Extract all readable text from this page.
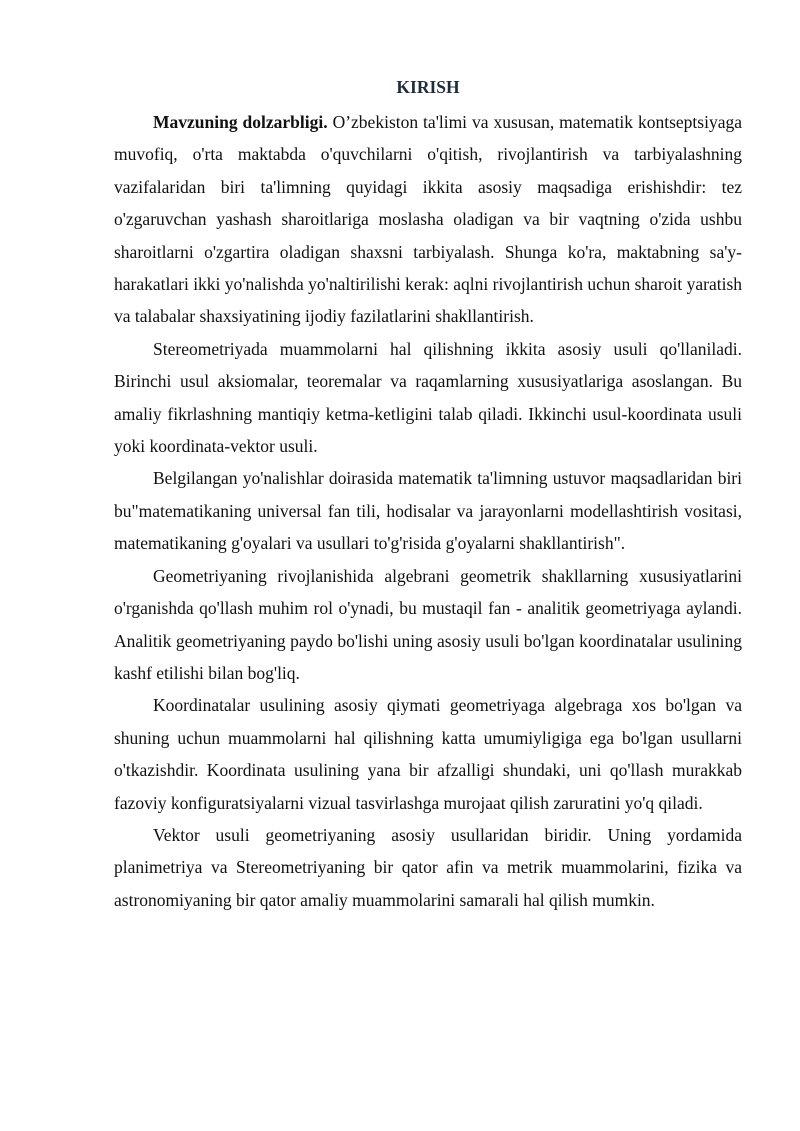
KIRISH

Mavzuning dolzarbligi. O’zbekiston ta'limi va xususan, matematik kontseptsiyaga muvofiq, o'rta maktabda o'quvchilarni o'qitish, rivojlantirish va tarbiyalashning vazifalaridan biri ta'limning quyidagi ikkita asosiy maqsadiga erishishdir: tez o'zgaruvchan yashash sharoitlariga moslasha oladigan va bir vaqtning o'zida ushbu sharoitlarni o'zgartira oladigan shaxsni tarbiyalash. Shunga ko'ra, maktabning sa'y-harakatlari ikki yo'nalishda yo'naltirilishi kerak: aqlni rivojlantirish uchun sharoit yaratish va talabalar shaxsiyatining ijodiy fazilatlarini shakllantirish.

Stereometriyada muammolarni hal qilishning ikkita asosiy usuli qo'llaniladi. Birinchi usul aksiomalar, teoremalar va raqamlarning xususiyatlariga asoslangan. Bu amaliy fikrlashning mantiqiy ketma-ketligini talab qiladi. Ikkinchi usul-koordinata usuli yoki koordinata-vektor usuli.

Belgilangan yo'nalishlar doirasida matematik ta'limning ustuvor maqsadlaridan biri bu"matematikaning universal fan tili, hodisalar va jarayonlarni modellashtirish vositasi, matematikaning g'oyalari va usullari to'g'risida g'oyalarni shakllantirish".

Geometriyaning rivojlanishida algebrani geometrik shakllarning xususiyatlarini o'rganishda qo'llash muhim rol o'ynadi, bu mustaqil fan - analitik geometriyaga aylandi. Analitik geometriyaning paydo bo'lishi uning asosiy usuli bo'lgan koordinatalar usulining kashf etilishi bilan bog'liq.

Koordinatalar usulining asosiy qiymati geometriyaga algebraga xos bo'lgan va shuning uchun muammolarni hal qilishning katta umumiyligiga ega bo'lgan usullarni o'tkazishdir. Koordinata usulining yana bir afzalligi shundaki, uni qo'llash murakkab fazoviy konfiguratsiyalarni vizual tasvirlashga murojaat qilish zaruratini yo'q qiladi.

Vektor usuli geometriyaning asosiy usullaridan biridir. Uning yordamida planimetriya va Stereometriyaning bir qator afin va metrik muammolarini, fizika va astronomiyaning bir qator amaliy muammolarini samarali hal qilish mumkin.
